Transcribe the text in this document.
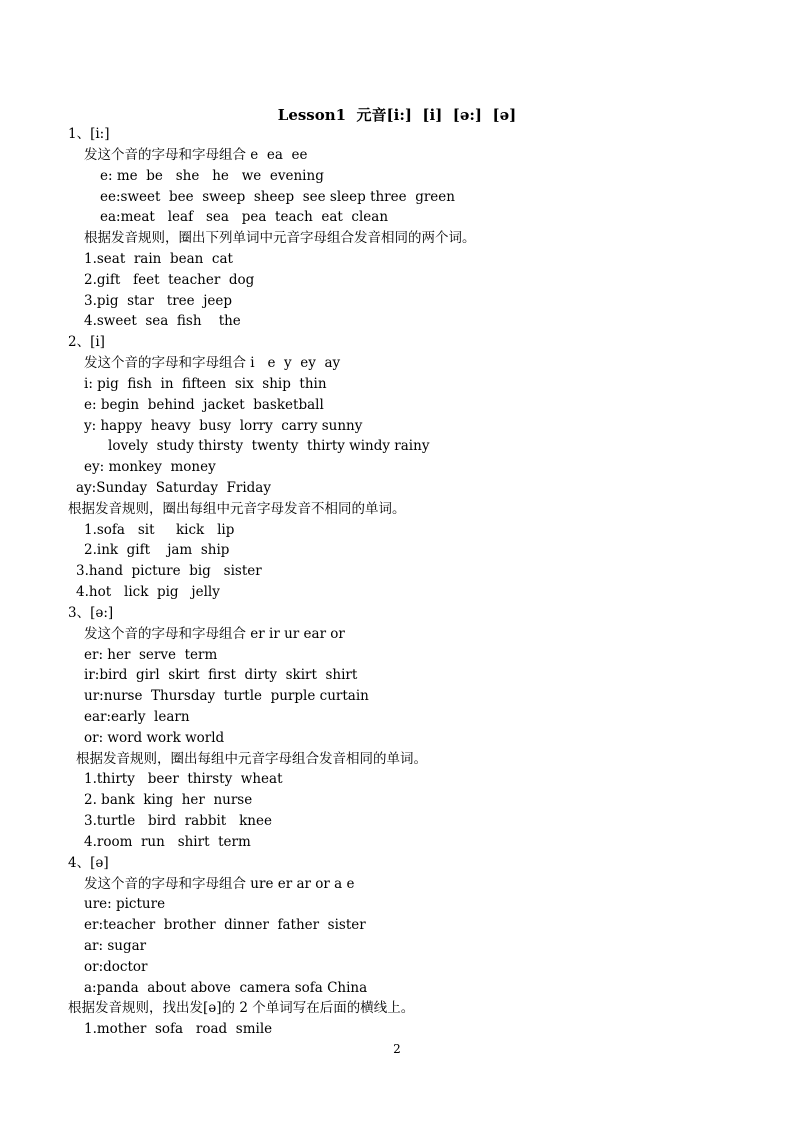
Lesson1  元音[i:]  [i]  [ə:]  [ə]
1、[i:]
发这个音的字母和字母组合 e  ea  ee
e: me  be   she   he   we  evening
ee:sweet  bee  sweep  sheep  see sleep three  green
ea:meat   leaf   sea   pea  teach  eat  clean
根据发音规则，圈出下列单词中元音字母组合发音相同的两个词。
1.seat  rain  bean  cat
2.gift   feet  teacher  dog
3.pig  star   tree  jeep
4.sweet  sea  fish    the
2、[i]
发这个音的字母和字母组合 i   e  y  ey  ay
i: pig  fish  in  fifteen  six  ship  thin
e: begin  behind  jacket  basketball
y: happy  heavy  busy  lorry  carry sunny
lovely  study thirsty  twenty  thirty windy rainy
ey: monkey  money
ay:Sunday  Saturday  Friday
根据发音规则，圈出每组中元音字母发音不相同的单词。
1.sofa   sit     kick   lip
2.ink  gift    jam  ship
3.hand  picture  big   sister
4.hot   lick  pig   jelly
3、[ə:]
发这个音的字母和字母组合 er ir ur ear or
er: her  serve  term
ir:bird  girl  skirt  first  dirty  skirt  shirt
ur:nurse  Thursday  turtle  purple curtain
ear:early  learn
or: word work world
根据发音规则，圈出每组中元音字母组合发音相同的单词。
1.thirty   beer  thirsty  wheat
2. bank  king  her  nurse
3.turtle   bird  rabbit   knee
4.room  run   shirt  term
4、[ə]
发这个音的字母和字母组合 ure er ar or a e
ure: picture
er:teacher  brother  dinner  father  sister
ar: sugar
or:doctor
a:panda  about above  camera sofa China
根据发音规则，找出发[ə]的 2 个单词写在后面的横线上。
1.mother  sofa   road  smile
2
